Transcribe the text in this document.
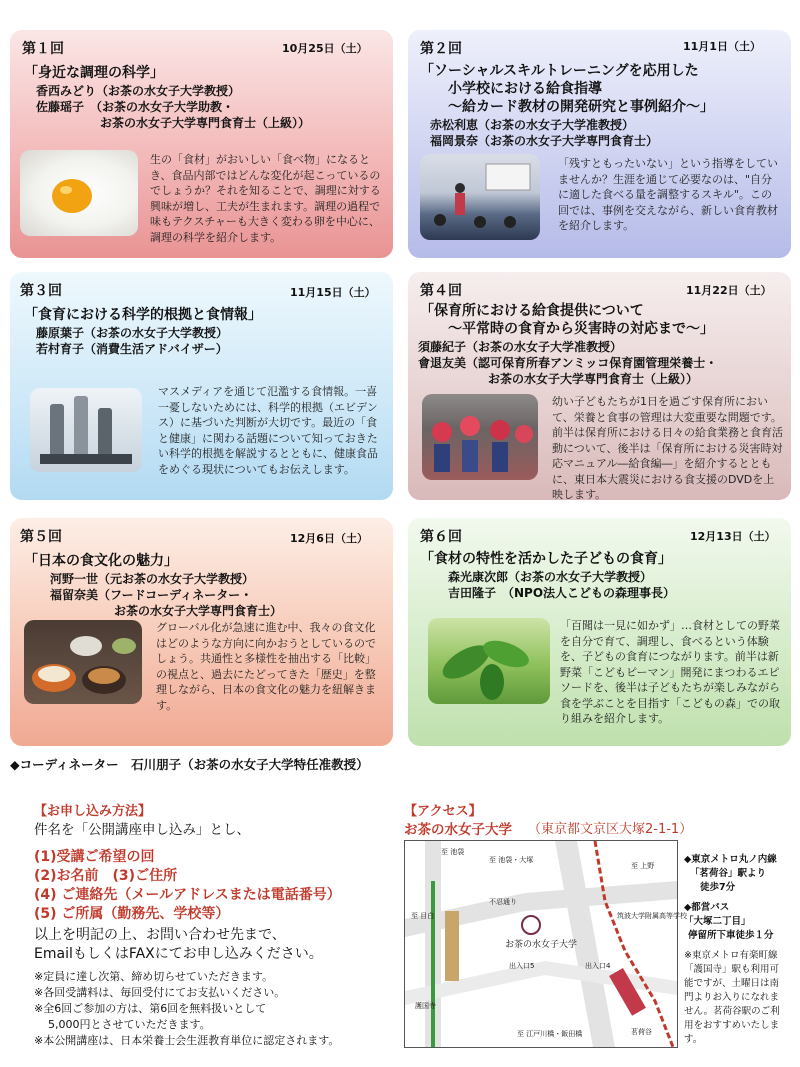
第１回	10月25日（土）
「身近な調理の科学」
香西みどり（お茶の水女子大学教授）
佐藤瑶子　（お茶の水女子大学助教・
お茶の水女子大学専門食育士（上級））
生の「食材」がおいしい「食べ物」になるとき、食品内部ではどんな変化が起こっているのでしょうか？それを知ることで、調理に対する興味が増し、工夫が生まれます。調理の過程で味もテクスチャーも大きく変わる卵を中心に、調理の科学を紹介します。
第２回	11月1日（土）
「ソーシャルスキルトレーニングを応用した
小学校における給食指導
～給カード教材の開発研究と事例紹介～」
赤松利恵（お茶の水女子大学准教授）
福岡景奈（お茶の水女子大学専門食育士）
「残すともったいない」という指導をしていませんか？生涯を通じて必要なのは、"自分に適した食べる量を調整するスキル"。この回では、事例を交えながら、新しい食育教材を紹介します。
第３回	11月15日（土）
「食育における科学的根拠と食情報」
藤原葉子（お茶の水女子大学教授）
若村育子（消費生活アドバイザー）
マスメディアを通じて氾濫する食情報。一喜一憂しないためには、科学的根拠（エビデンス）に基づいた判断が大切です。最近の「食と健康」に関わる話題について知っておきたい科学的根拠を解説するとともに、健康食品をめぐる現状についてもお伝えします。
第４回	11月22日（土）
「保育所における給食提供について
～平常時の食育から災害時の対応まで～」
須藤紀子（お茶の水女子大学准教授）
會退友美（認可保育所春アンミッコ保育園管理栄養士・
お茶の水女子大学専門食育士（上級））
幼い子どもたちが1日を過ごす保育所において、栄養と食事の管理は大変重要な問題です。前半は保育所における日々の給食業務と食育活動について、後半は「保育所における災害時対応マニュアル―給食編―」を紹介するとともに、東日本大震災における食支援のDVDを上映します。
第５回	12月6日（土）
「日本の食文化の魅力」
河野一世（元お茶の水女子大学教授）
福留奈美（フードコーディネーター・
お茶の水女子大学専門食育士）
グローバル化が急速に進む中、我々の食文化はどのような方向に向かおうとしているのでしょう。共通性と多様性を抽出する「比較」の視点と、過去にたどってきた「歴史」を整理しながら、日本の食文化の魅力を紐解きます。
第６回	12月13日（土）
「食材の特性を活かした子どもの食育」
森光康次郎（お茶の水女子大学教授）
吉田隆子　（NPO法人こどもの森理事長）
「百聞は一見に如かず」…食材としての野菜を自分で育て、調理し、食べるという体験を、子どもの食育につながります。前半は新野菜「こどもピーマン」開発にまつわるエピソードを、後半は子どもたちが楽しみながら食を学ぶことを目指す「こどもの森」での取り組みを紹介します。
◆コーディネーター　石川朋子（お茶の水女子大学特任准教授）
【お申し込み方法】
件名を「公開講座申し込み」とし、
(1)受講ご希望の回
(2)お名前　(3)ご住所
(4) ご連絡先（メールアドレスまたは電話番号）
(5) ご所属（勤務先、学校等）
以上を明記の上、お問い合わせ先まで、
EmailもしくはFAXにてお申し込みください。
※定員に達し次第、締め切らせていただきます。
※各回受講料は、毎回受付にてお支払いください。
※全6回ご参加の方は、第6回を無料扱いとして
5,000円とさせていただきます。
※本公開講座は、日本栄養士会生涯教育単位に認定されます。
【アクセス】
お茶の水女子大学 （東京都文京区大塚2-1-1）
お茶の水女子大学
至 池袋
至 池袋・大塚
至 上野
至 目白
不忍通り
出入口5	出入口4
筑波大学附属高等学校
護国寺
茗荷谷
至 江戸川橋・飯田橋
◆東京メトロ丸ノ内線
「茗荷谷」駅より
徒歩7分
◆都営バス
「大塚二丁目」
停留所下車徒歩１分
※東京メトロ有楽町線
「護国寺」駅も利用可
能ですが、土曜日は南
門よりお入りになれま
せん。茗荷谷駅のご利
用をおすすめいたしま
す。
